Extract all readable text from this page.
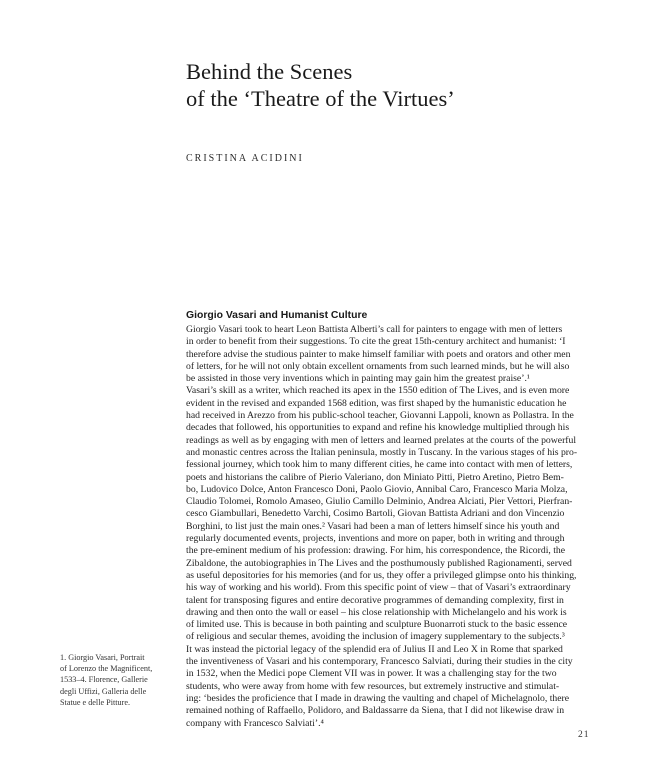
Behind the Scenes
of the ‘Theatre of the Virtues’
CRISTINA ACIDINI
Giorgio Vasari and Humanist Culture
Giorgio Vasari took to heart Leon Battista Alberti’s call for painters to engage with men of letters
in order to benefit from their suggestions. To cite the great 15th-century architect and humanist: ‘I
therefore advise the studious painter to make himself familiar with poets and orators and other men
of letters, for he will not only obtain excellent ornaments from such learned minds, but he will also
be assisted in those very inventions which in painting may gain him the greatest praise’.¹
Vasari’s skill as a writer, which reached its apex in the 1550 edition of The Lives, and is even more
evident in the revised and expanded 1568 edition, was first shaped by the humanistic education he
had received in Arezzo from his public-school teacher, Giovanni Lappoli, known as Pollastra. In the
decades that followed, his opportunities to expand and refine his knowledge multiplied through his
readings as well as by engaging with men of letters and learned prelates at the courts of the powerful
and monastic centres across the Italian peninsula, mostly in Tuscany. In the various stages of his pro-
fessional journey, which took him to many different cities, he came into contact with men of letters,
poets and historians the calibre of Pierio Valeriano, don Miniato Pitti, Pietro Aretino, Pietro Bem-
bo, Ludovico Dolce, Anton Francesco Doni, Paolo Giovio, Annibal Caro, Francesco Maria Molza,
Claudio Tolomei, Romolo Amaseo, Giulio Camillo Delminio, Andrea Alciati, Pier Vettori, Pierfran-
cesco Giambullari, Benedetto Varchi, Cosimo Bartoli, Giovan Battista Adriani and don Vincenzio
Borghini, to list just the main ones.² Vasari had been a man of letters himself since his youth and
regularly documented events, projects, inventions and more on paper, both in writing and through
the pre-eminent medium of his profession: drawing. For him, his correspondence, the Ricordi, the
Zibaldone, the autobiographies in The Lives and the posthumously published Ragionamenti, served
as useful depositories for his memories (and for us, they offer a privileged glimpse onto his thinking,
his way of working and his world). From this specific point of view – that of Vasari’s extraordinary
talent for transposing figures and entire decorative programmes of demanding complexity, first in
drawing and then onto the wall or easel – his close relationship with Michelangelo and his work is
of limited use. This is because in both painting and sculpture Buonarroti stuck to the basic essence
of religious and secular themes, avoiding the inclusion of imagery supplementary to the subjects.³
It was instead the pictorial legacy of the splendid era of Julius II and Leo X in Rome that sparked
the inventiveness of Vasari and his contemporary, Francesco Salviati, during their studies in the city
in 1532, when the Medici pope Clement VII was in power. It was a challenging stay for the two
students, who were away from home with few resources, but extremely instructive and stimulat-
ing: ‘besides the proficience that I made in drawing the vaulting and chapel of Michelagnolo, there
remained nothing of Raffaello, Polidoro, and Baldassarre da Siena, that I did not likewise draw in
company with Francesco Salviati’.⁴
1. Giorgio Vasari, Portrait
of Lorenzo the Magnificent,
1533–4. Florence, Gallerie
degli Uffizi, Galleria delle
Statue e delle Pitture.
21
